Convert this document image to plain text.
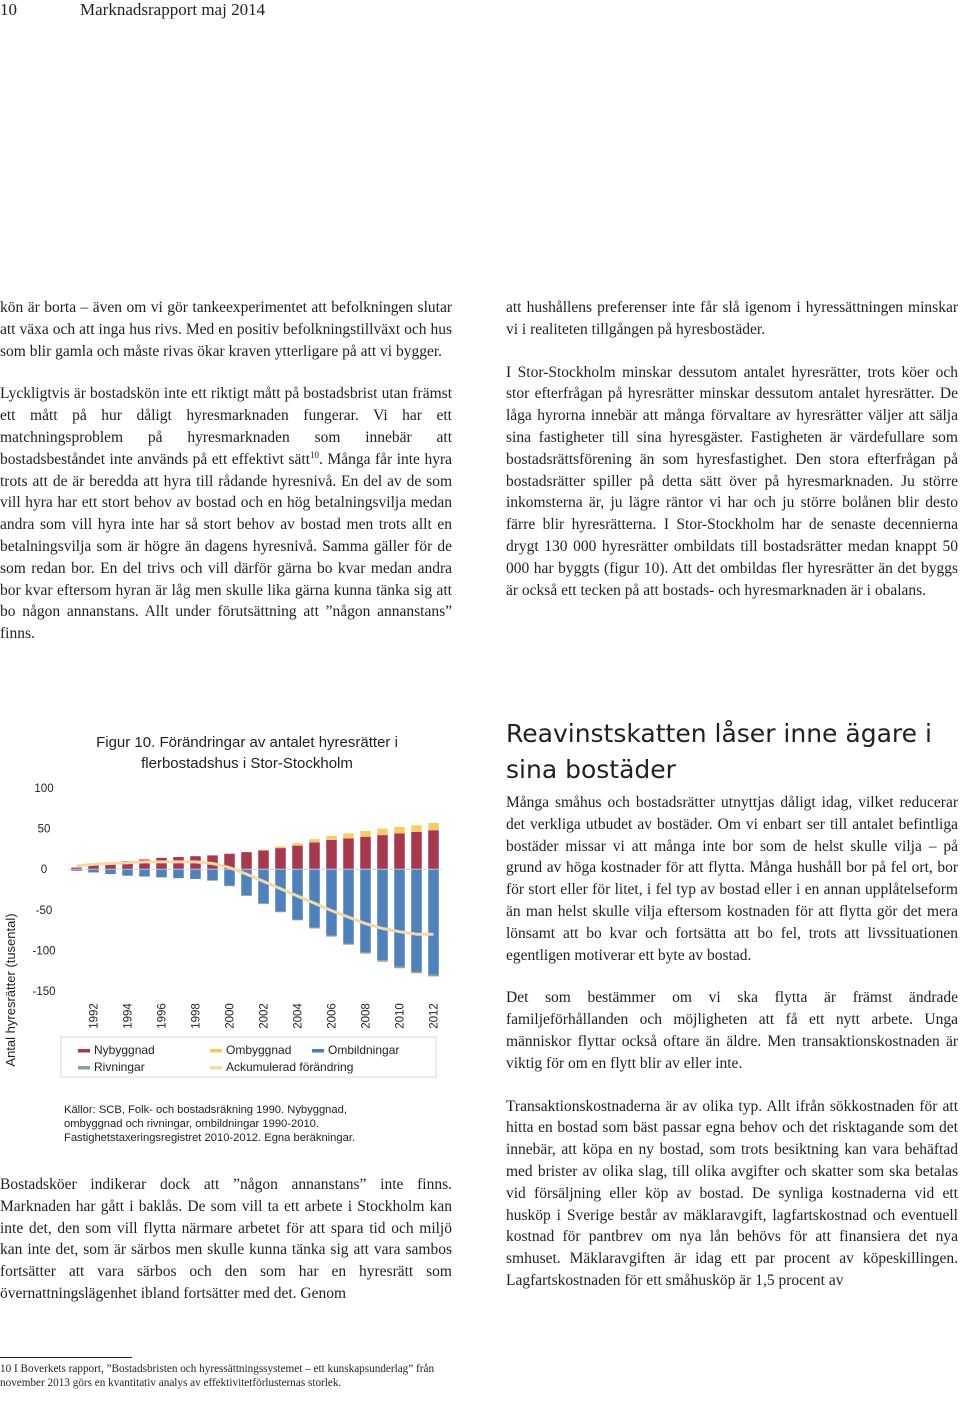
10	Marknadsrapport maj 2014

kön är borta – även om vi gör tankeexperimentet att befolkningen slutar att växa och att inga hus rivs. Med en positiv befolkningstillväxt och hus som blir gamla och måste rivas ökar kraven ytterligare på att vi bygger.

Lyckligtvis är bostadskön inte ett riktigt mått på bostadsbrist utan främst ett mått på hur dåligt hyresmarknaden fungerar. Vi har ett matchningsproblem på hyresmarknaden som innebär att bostadsbeståndet inte används på ett effektivt sätt$^{10}$. Många får inte hyra trots att de är beredda att hyra till rådande hyresnivå. En del av de som vill hyra har ett stort behov av bostad och en hög betalningsvilja medan andra som vill hyra inte har så stort behov av bostad men trots allt en betalningsvilja som är högre än dagens hyresnivå. Samma gäller för de som redan bor. En del trivs och vill därför gärna bo kvar medan andra bor kvar eftersom hyran är låg men skulle lika gärna kunna tänka sig att bo någon annanstans. Allt under förutsättning att ”någon annanstans” finns.

Antal hyresrätter (tusental)
100
50
0
-50
-100
-150
1992 1994 1996 1998 2000 2002 2004 2006 2008 2010 2012
Nybyggnad	Ombyggnad	Ombildningar
Rivningar	Ackumulerad förändring
Källor: SCB, Folk- och bostadsräkning 1990. Nybyggnad,
ombyggnad och rivningar, ombildningar 1990-2010.
Fastighetstaxeringsregistret 2010-2012. Egna beräkningar.
Figur 10. Förändringar av antalet hyresrätter i
flerbostadshus i Stor-Stockholm

Bostadsköer indikerar dock att ”någon annanstans” inte finns. Marknaden har gått i baklås. De som vill ta ett arbete i Stockholm kan inte det, den som vill flytta närmare arbetet för att spara tid och miljö kan inte det, som är särbos men skulle kunna tänka sig att vara sambos fortsätter att vara särbos och den som har en hyresrätt som övernattningslägenhet ibland fortsätter med det. Genom

10 I Boverkets rapport, ”Bostadsbristen och hyressättningssystemet – ett kunskapsunderlag” från november 2013 görs en kvantitativ analys av effektivitetförlusternas storlek.

att hushållens preferenser inte får slå igenom i hyressättningen minskar vi i realiteten tillgången på hyresbostäder.

I Stor-Stockholm minskar dessutom antalet hyresrätter, trots köer och stor efterfrågan på hyresrätter minskar dessutom antalet hyresrätter. De låga hyrorna innebär att många förvaltare av hyresrätter väljer att sälja sina fastigheter till sina hyresgäster. Fastigheten är värdefullare som bostadsrättsförening än som hyresfastighet. Den stora efterfrågan på bostadsrätter spiller på detta sätt över på hyresmarknaden. Ju större inkomsterna är, ju lägre räntor vi har och ju större bolånen blir desto färre blir hyresrätterna. I Stor-Stockholm har de senaste decennierna drygt 130 000 hyresrätter ombildats till bostadsrätter medan knappt 50 000 har byggts (figur 10). Att det ombildas fler hyresrätter än det byggs är också ett tecken på att bostads- och hyresmarknaden är i obalans.

Reavinstskatten låser inne ägare i sina bostäder

Många småhus och bostadsrätter utnyttjas dåligt idag, vilket reducerar det verkliga utbudet av bostäder. Om vi enbart ser till antalet befintliga bostäder missar vi att många inte bor som de helst skulle vilja – på grund av höga kostnader för att flytta. Många hushåll bor på fel ort, bor för stort eller för litet, i fel typ av bostad eller i en annan upplåtelseform än man helst skulle vilja eftersom kostnaden för att flytta gör det mera lönsamt att bo kvar och fortsätta att bo fel, trots att livssituationen egentligen motiverar ett byte av bostad.

Det som bestämmer om vi ska flytta är främst ändrade familjeförhållanden och möjligheten att få ett nytt arbete. Unga människor flyttar också oftare än äldre. Men transaktionskostnaden är viktig för om en flytt blir av eller inte.

Transaktionskostnaderna är av olika typ. Allt ifrån sökkostnaden för att hitta en bostad som bäst passar egna behov och det risktagande som det innebär, att köpa en ny bostad, som trots besiktning kan vara behäftad med brister av olika slag, till olika avgifter och skatter som ska betalas vid försäljning eller köp av bostad. De synliga kostnaderna vid ett husköp i Sverige består av mäklaravgift, lagfartskostnad och eventuell kostnad för pantbrev om nya lån behövs för att finansiera det nya smhuset. Mäklaravgiften är idag ett par procent av köpeskillingen. Lagfartskostnaden för ett småhusköp är 1,5 procent av
